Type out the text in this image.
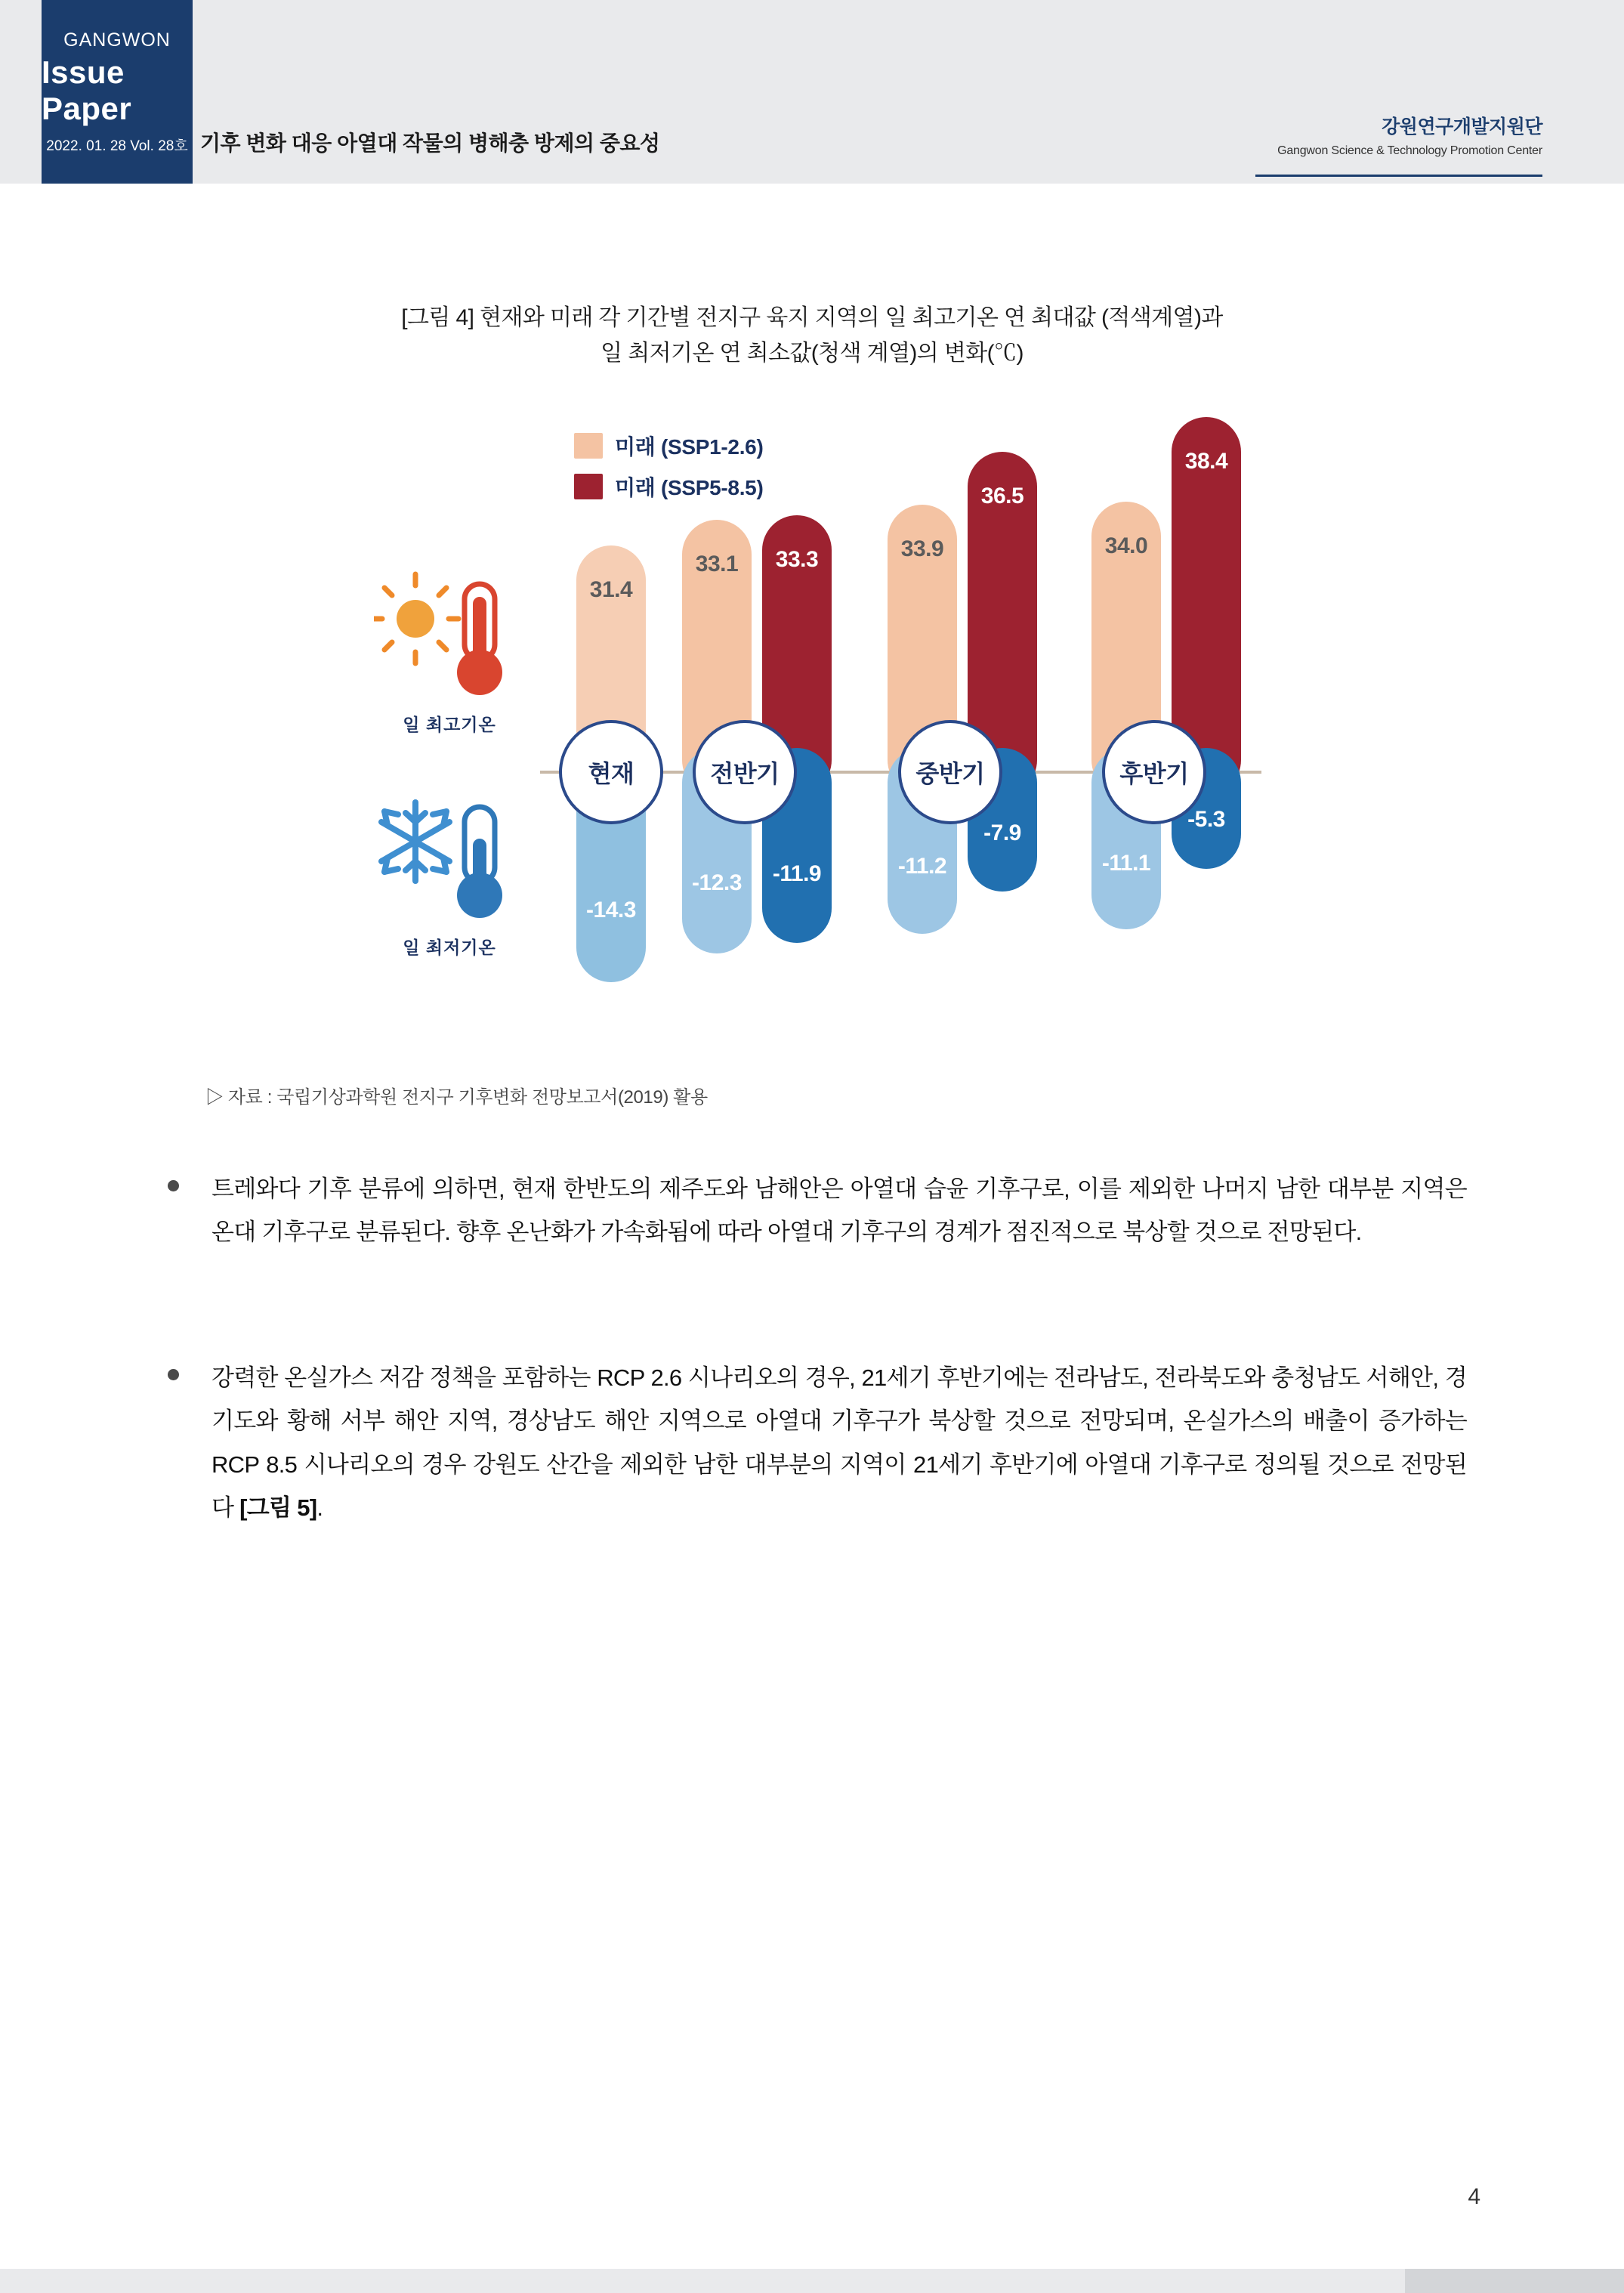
GANGWON
Issue Paper
2022. 01. 28 Vol. 28호 기후 변화 대응 아열대 작물의 병해충 방제의 중요성
강원연구개발지원단
Gangwon Science & Technology Promotion Center
[그림 4] 현재와 미래 각 기간별 전지구 육지 지역의 일 최고기온 연 최대값 (적색계열)과
일 최저기온 연 최소값(청색 계열)의 변화(℃)
미래 (SSP1-2.6)
미래 (SSP5-8.5)
일 최고기온
일 최저기온
31.4
-14.3
현재
33.1	33.3
-12.3	-11.9
전반기
33.9
36.5
-11.2
-7.9
중반기
34.0
38.4
-11.1
-5.3
후반기
▷ 자료 : 국립기상과학원 전지구 기후변화 전망보고서(2019) 활용
트레와다 기후 분류에 의하면, 현재 한반도의 제주도와 남해안은 아열대 습윤 기후구로, 이를 제외한 나머지 남한 대부분 지역은 온대 기후구로 분류된다. 향후 온난화가 가속화됨에 따라 아열대 기후구의 경계가 점진적으로 북상할 것으로 전망된다.
강력한 온실가스 저감 정책을 포함하는 RCP 2.6 시나리오의 경우, 21세기 후반기에는 전라남도, 전라북도와 충청남도 서해안, 경기도와 황해 서부 해안 지역, 경상남도 해안 지역으로 아열대 기후구가 북상할 것으로 전망되며, 온실가스의 배출이 증가하는 RCP 8.5 시나리오의 경우 강원도 산간을 제외한 남한 대부분의 지역이 21세기 후반기에 아열대 기후구로 정의될 것으로 전망된다 [그림 5].
4
